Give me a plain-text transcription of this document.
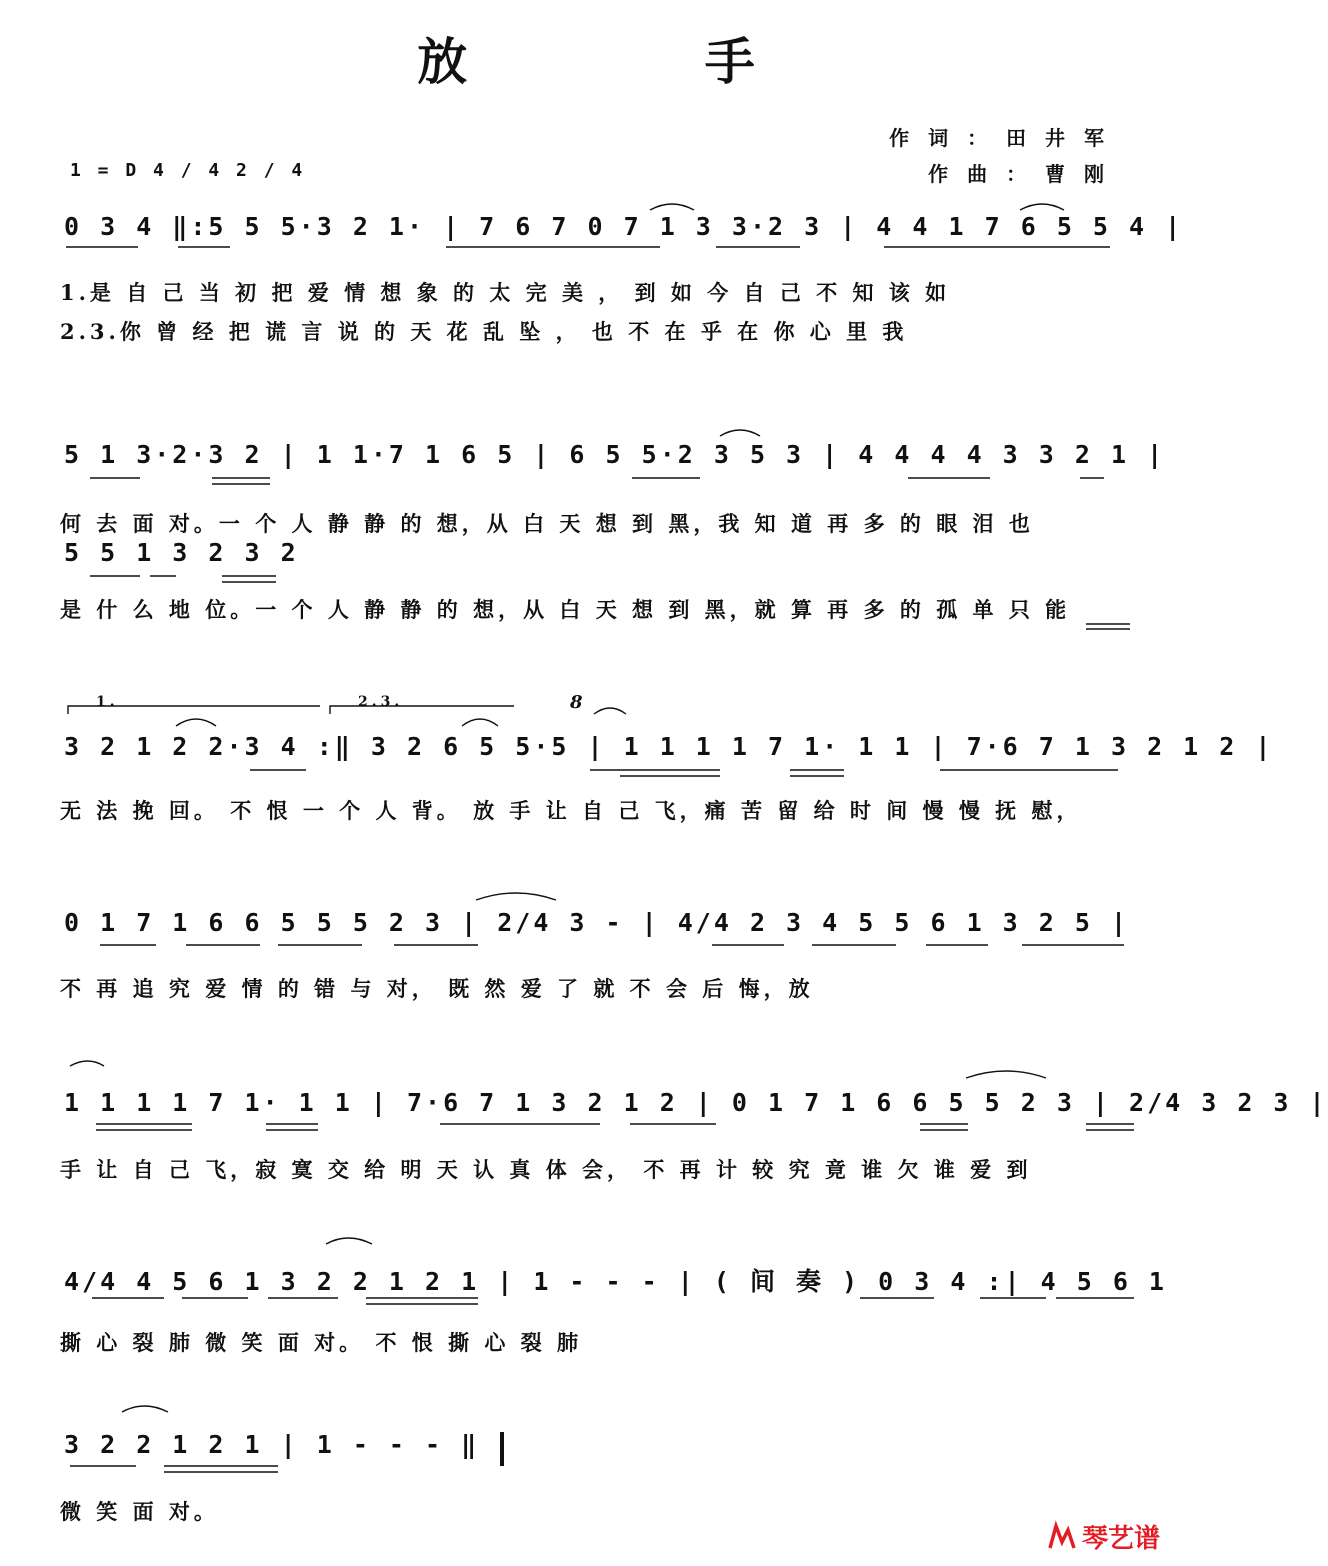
放 手
作 词 ： 田 井 军
作 曲 ： 曹 刚
1 = D 4 / 4 2 / 4
0 3 4 ‖:5 5 5·3 2 1· | 7 6 7 0 7 1 3 3·2 3 | 4 4 1 7 6 5 5 4 |
1.是 自 己 当 初 把 爱 情 想 象 的 太 完 美 ， 到 如 今 自 己 不 知 该 如
2.3.你 曾 经 把 谎 言 说 的 天 花 乱 坠 ， 也 不 在 乎 在 你 心 里 我
5 1 3·2·3 2 | 1 1·7 1 6 5 | 6 5 5·2 3 5 3 | 4 4 4 4 3 3 2 1 |
何 去 面 对。一 个 人 静 静 的 想，从 白 天 想 到 黑，我 知 道 再 多 的 眼 泪 也
5 5 1 3 2 3 2
是 什 么 地 位。一 个 人 静 静 的 想，从 白 天 想 到 黑，就 算 再 多 的 孤 单 只 能
1.	2.3.	8
3 2 1 2 2·3 4 :‖ 3 2 6 5 5·5 | 1 1 1 1 7 1· 1 1 | 7·6 7 1 3 2 1 2 |
无 法 挽 回。 不 恨 一 个 人 背。 放 手 让 自 己 飞，痛 苦 留 给 时 间 慢 慢 抚 慰，
0 1 7 1 6 6 5 5 5 2 3 | 2/4 3 - | 4/4 2 3 4 5 5 6 1 3 2 5 |
不 再 追 究 爱 情 的 错 与 对， 既 然 爱 了 就 不 会 后 悔，放
1 1 1 1 7 1· 1 1 | 7·6 7 1 3 2 1 2 | 0 1 7 1 6 6 5 5 2 3 | 2/4 3 2 3 |
手 让 自 己 飞，寂 寞 交 给 明 天 认 真 体 会， 不 再 计 较 究 竟 谁 欠 谁 爱 到
4/4 4 5 6 1 3 2 2 1 2 1 | 1 - - - | ( 间 奏 ) 0 3 4 :| 4 5 6 1
撕 心 裂 肺 微 笑 面 对。 不 恨 撕 心 裂 肺
3 2 2 1 2 1 | 1 - - - ‖
微 笑 面 对。
琴艺谱
